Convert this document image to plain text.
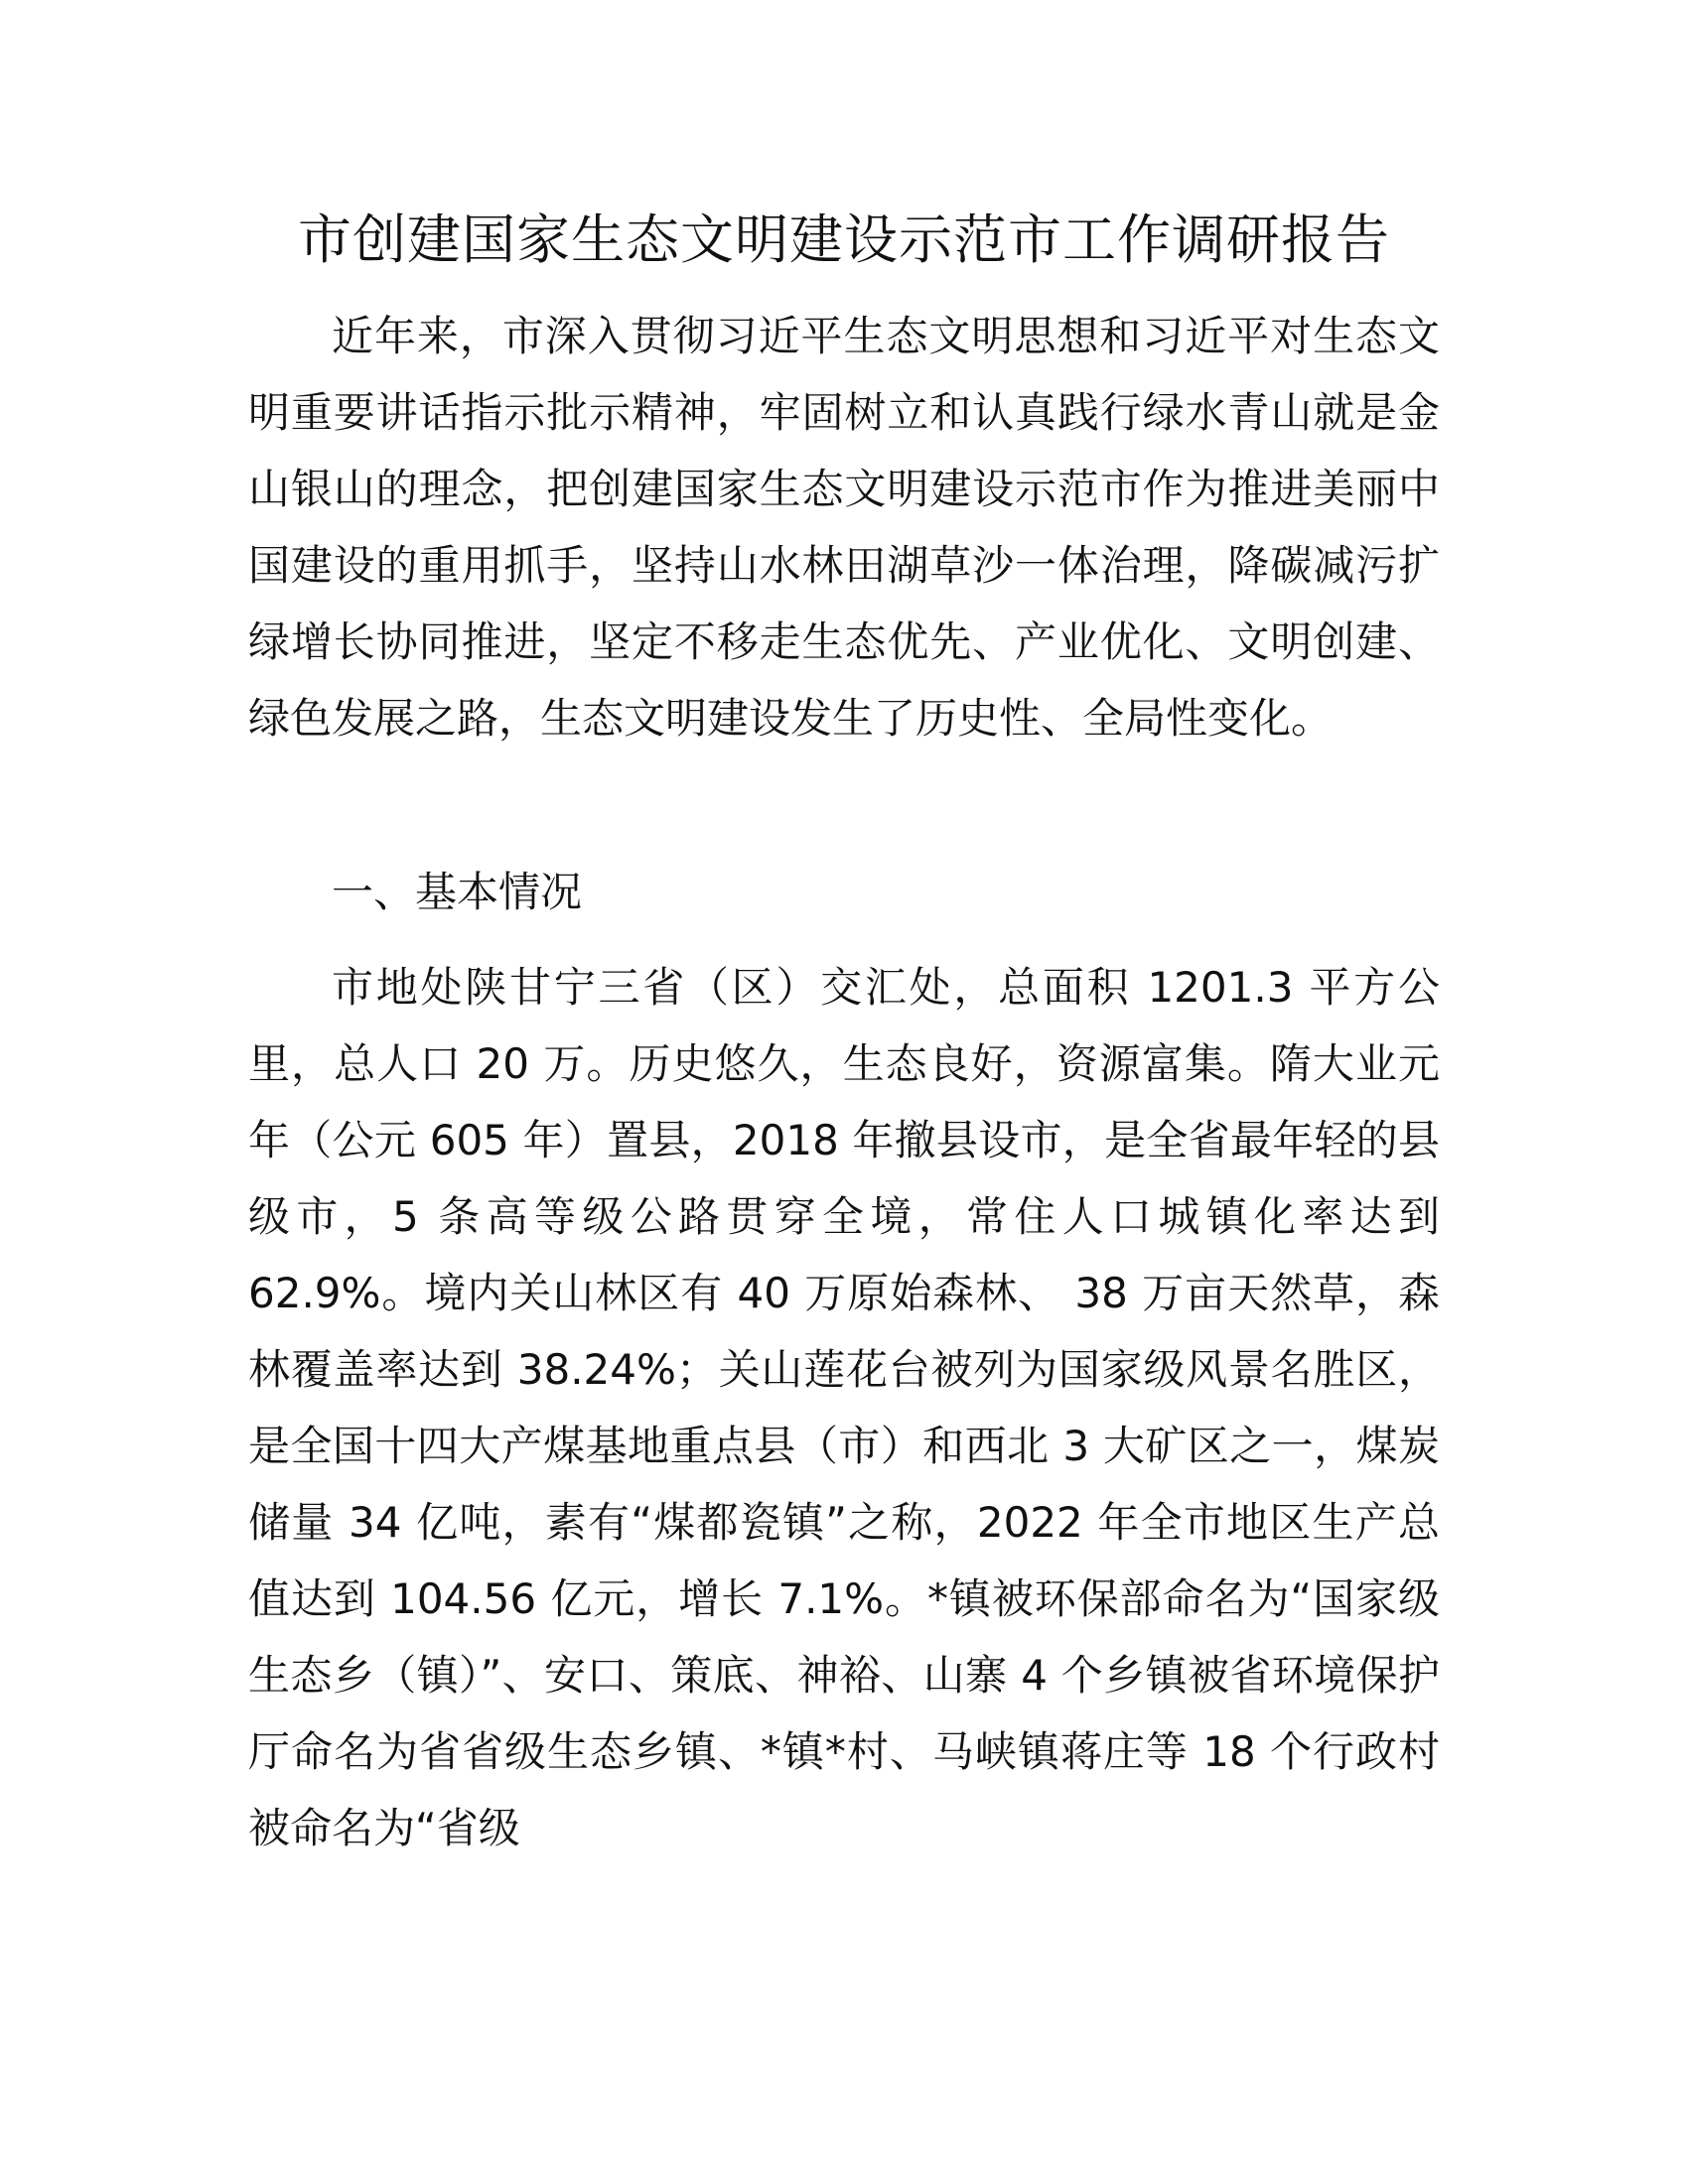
市创建国家生态文明建设示范市工作调研报告

近年来，市深入贯彻习近平生态文明思想和习近平对生态文明重要讲话指示批示精神，牢固树立和认真践行绿水青山就是金山银山的理念，把创建国家生态文明建设示范市作为推进美丽中国建设的重用抓手，坚持山水林田湖草沙一体治理，降碳减污扩绿增长协同推进，坚定不移走生态优先、产业优化、文明创建、绿色发展之路，生态文明建设发生了历史性、全局性变化。

一、基本情况

市地处陕甘宁三省（区）交汇处，总面积 1201.3 平方公里，总人口 20 万。历史悠久，生态良好，资源富集。隋大业元年（公元 605 年）置县，2018 年撤县设市，是全省最年轻的县级市，5 条高等级公路贯穿全境，常住人口城镇化率达到 62.9%。境内关山林区有 40 万原始森林、 38 万亩天然草，森林覆盖率达到 38.24%；关山莲花台被列为国家级风景名胜区，是全国十四大产煤基地重点县（市）和西北 3 大矿区之一，煤炭储量 34 亿吨，素有“煤都瓷镇”之称，2022 年全市地区生产总值达到 104.56 亿元，增长 7.1%。*镇被环保部命名为“国家级生态乡（镇）”、安口、策底、神裕、山寨 4 个乡镇被省环境保护厅命名为省省级生态乡镇、*镇*村、马峡镇蒋庄等 18 个行政村被命名为“省级
